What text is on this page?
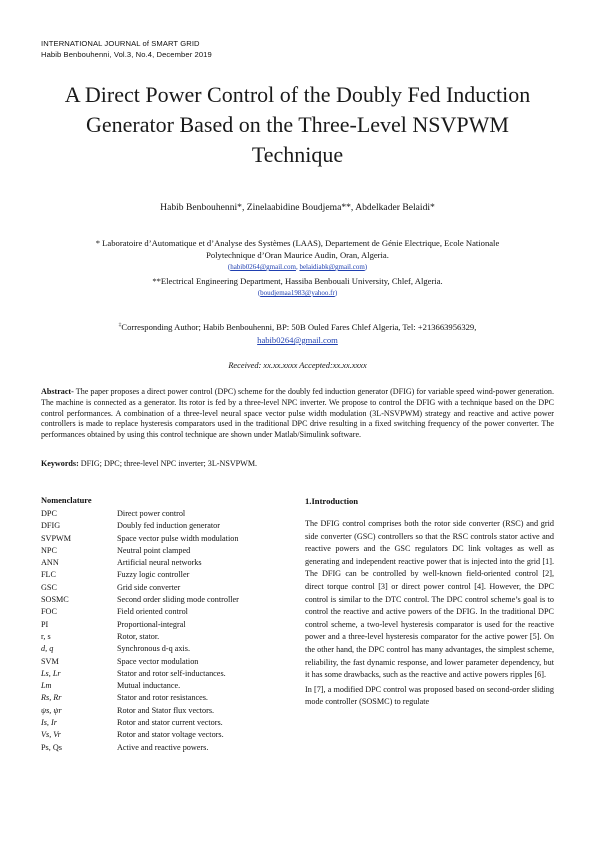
INTERNATIONAL JOURNAL of SMART GRID
Habib Benbouhenni, Vol.3, No.4, December 2019
A Direct Power Control of the Doubly Fed Induction
Generator Based on the Three-Level NSVPWM
Technique
Habib Benbouhenni*, Zinelaabidine Boudjema**, Abdelkader Belaidi*
* Laboratoire d’Automatique et d’Analyse des Systèmes (LAAS), Departement de Génie Electrique, Ecole Nationale
Polytechnique d’Oran Maurice Audin, Oran, Algeria.
(habib0264@gmail.com, belaidiabk@gmail.com)
**Electrical Engineering Department, Hassiba Benbouali University, Chlef, Algeria.
(boudjemaa1983@yahoo.fr)
‡Corresponding Author; Habib Benbouhenni, BP: 50B Ouled Fares Chlef Algeria, Tel: +213663956329,
habib0264@gmail.com
Received: xx.xx.xxxx Accepted:xx.xx.xxxx
Abstract- The paper proposes a direct power control (DPC) scheme for the doubly fed induction generator (DFIG) for variable speed wind-power generation. The machine is connected as a generator. Its rotor is fed by a three-level NPC inverter. We propose to control the DFIG with a technique based on the DPC control performances. A combination of a three-level neural space vector pulse width modulation (3L-NSVPWM) strategy and reactive and active power controllers is made to replace hysteresis comparators used in the traditional DPC drive resulting in a fixed switching frequency of the power converter. The performances obtained by using this control technique are shown under Matlab/Simulink software.
Keywords: DFIG; DPC; three-level NPC inverter; 3L-NSVPWM.
Nomenclature
DPC	Direct power control
DFIG	Doubly fed induction generator
SVPWM	Space vector pulse width modulation
NPC	Neutral point clamped
ANN	Artificial neural networks
FLC	Fuzzy logic controller
GSC	Grid side converter
SOSMC	Second order sliding mode controller
FOC	Field oriented control
PI	Proportional-integral
r, s	Rotor, stator.
d, q	Synchronous d-q axis.
SVM	Space vector modulation
Ls, Lr	Stator and rotor self-inductances.
Lm	Mutual inductance.
Rs, Rr	Stator and rotor resistances.
ψs, ψr	Rotor and Stator flux vectors.
Is, Ir	Rotor and stator current vectors.
Vs, Vr	Rotor and stator voltage vectors.
Ps, Qs	Active and reactive powers.
1.Introduction

The DFIG control comprises both the rotor side converter (RSC) and grid side converter (GSC) controllers so that the RSC controls stator active and reactive powers and the GSC regulators DC link voltages as well as generating and independent reactive power that is injected into the grid [1]. The DFIG can be controlled by well-known field-oriented control [2], direct torque control [3] or direct power control [4]. However, the DPC control is similar to the DTC control. The DPC control scheme’s goal is to control the reactive and active powers of the DFIG. In the traditional DPC control scheme, a two-level hysteresis comparator is used for the reactive power and a three-level hysteresis comparator for the active power [5]. On the other hand, the DPC control has many advantages, the simplest scheme, reliability, the fast dynamic response, and lower parameter dependency, but it has some drawbacks, such as the reactive and active powers ripples [6].

In [7], a modified DPC control was proposed based on second-order sliding mode controller (SOSMC) to regulate
